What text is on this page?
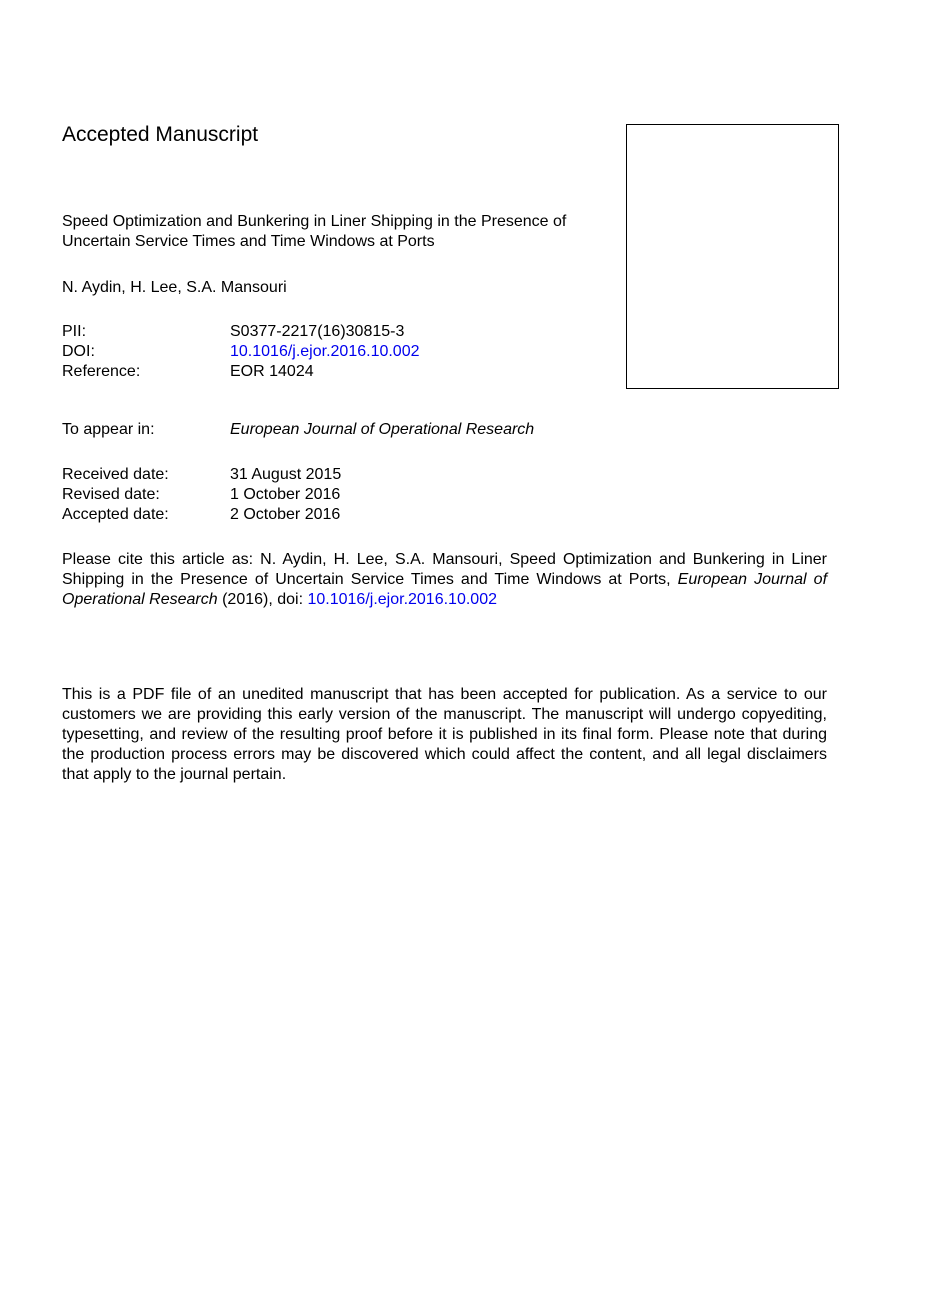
Accepted Manuscript
Speed Optimization and Bunkering in Liner Shipping in the Presence of Uncertain Service Times and Time Windows at Ports
N. Aydin, H. Lee, S.A. Mansouri
PII:	S0377-2217(16)30815-3
DOI:	10.1016/j.ejor.2016.10.002
Reference:	EOR 14024
To appear in:	European Journal of Operational Research
Received date:	31 August 2015
Revised date:	1 October 2016
Accepted date:	2 October 2016
Please cite this article as: N. Aydin, H. Lee, S.A. Mansouri, Speed Optimization and Bunkering in Liner Shipping in the Presence of Uncertain Service Times and Time Windows at Ports, European Journal of Operational Research (2016), doi: 10.1016/j.ejor.2016.10.002
This is a PDF file of an unedited manuscript that has been accepted for publication. As a service to our customers we are providing this early version of the manuscript. The manuscript will undergo copyediting, typesetting, and review of the resulting proof before it is published in its final form. Please note that during the production process errors may be discovered which could affect the content, and all legal disclaimers that apply to the journal pertain.
